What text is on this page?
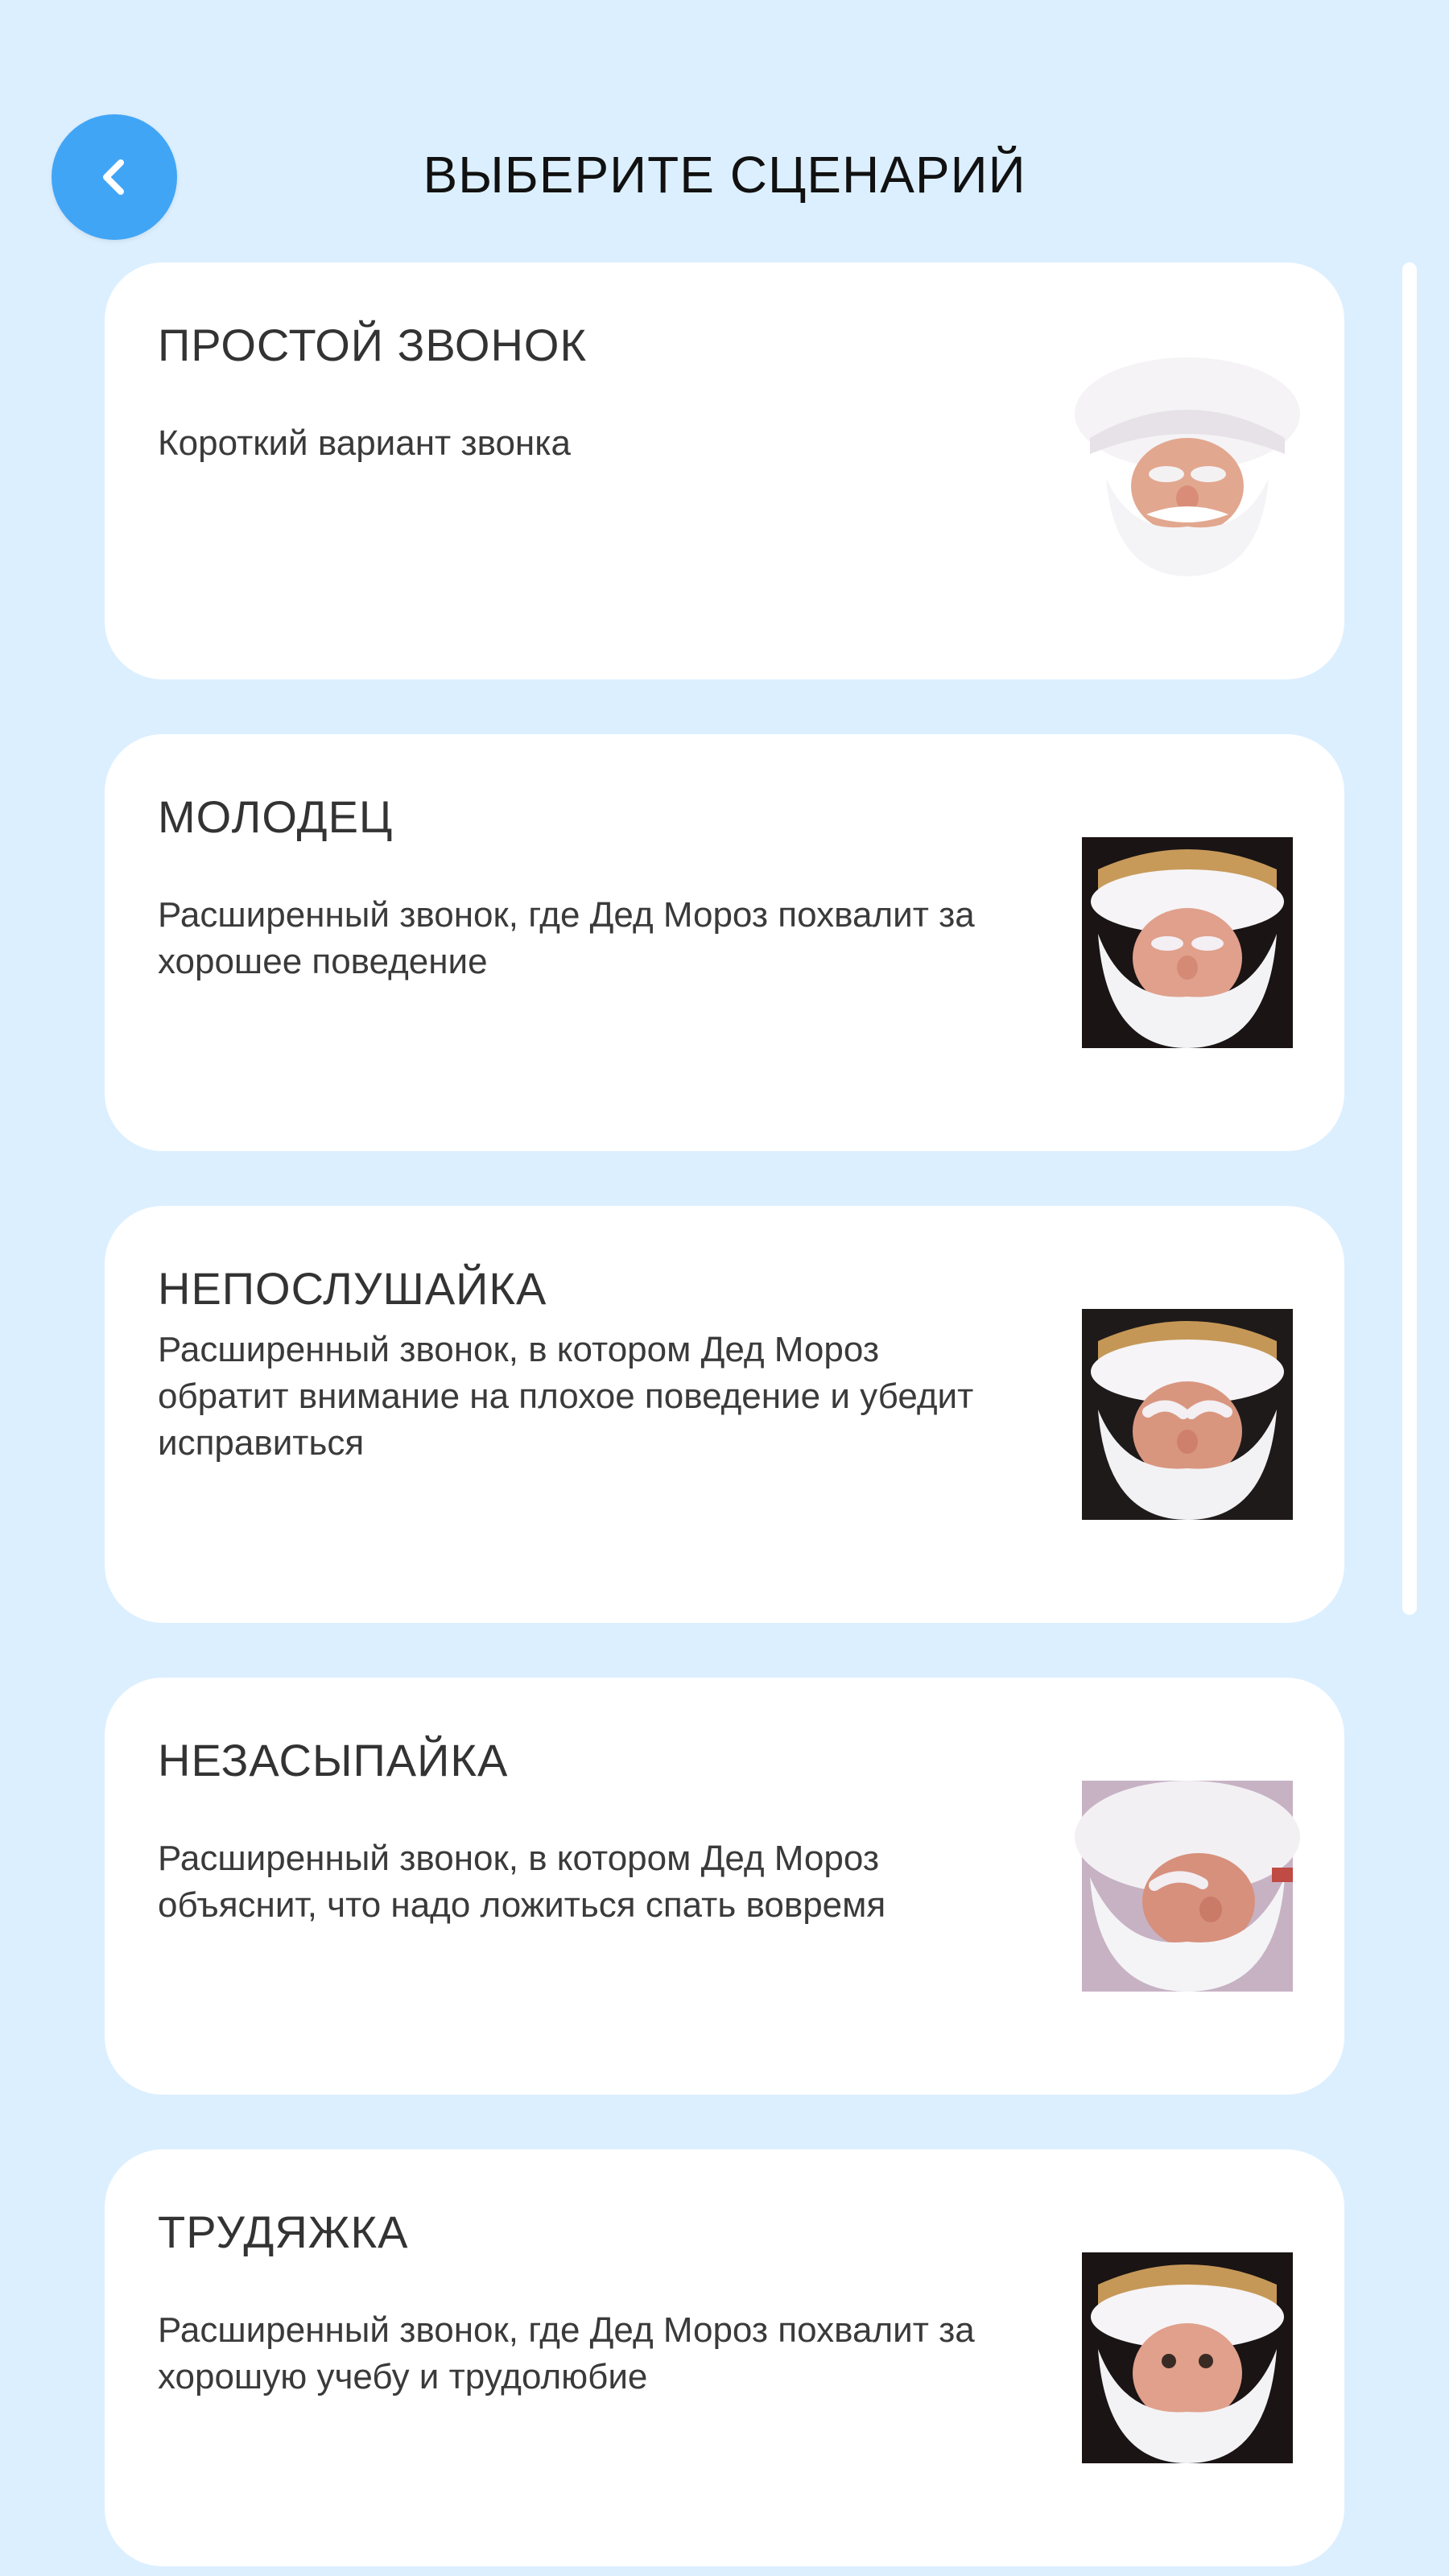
ВЫБЕРИТЕ СЦЕНАРИЙ
ПРОСТОЙ ЗВОНОК
Короткий вариант звонка
МОЛОДЕЦ
Расширенный звонок, где Дед Мороз похвалит за хорошее поведение
НЕПОСЛУШАЙКА
Расширенный звонок, в котором Дед Мороз обратит внимание на плохое поведение и убедит исправиться
НЕЗАСЫПАЙКА
Расширенный звонок, в котором Дед Мороз объяснит, что надо ложиться спать вовремя
ТРУДЯЖКА
Расширенный звонок, где Дед Мороз похвалит за хорошую учебу и трудолюбие
